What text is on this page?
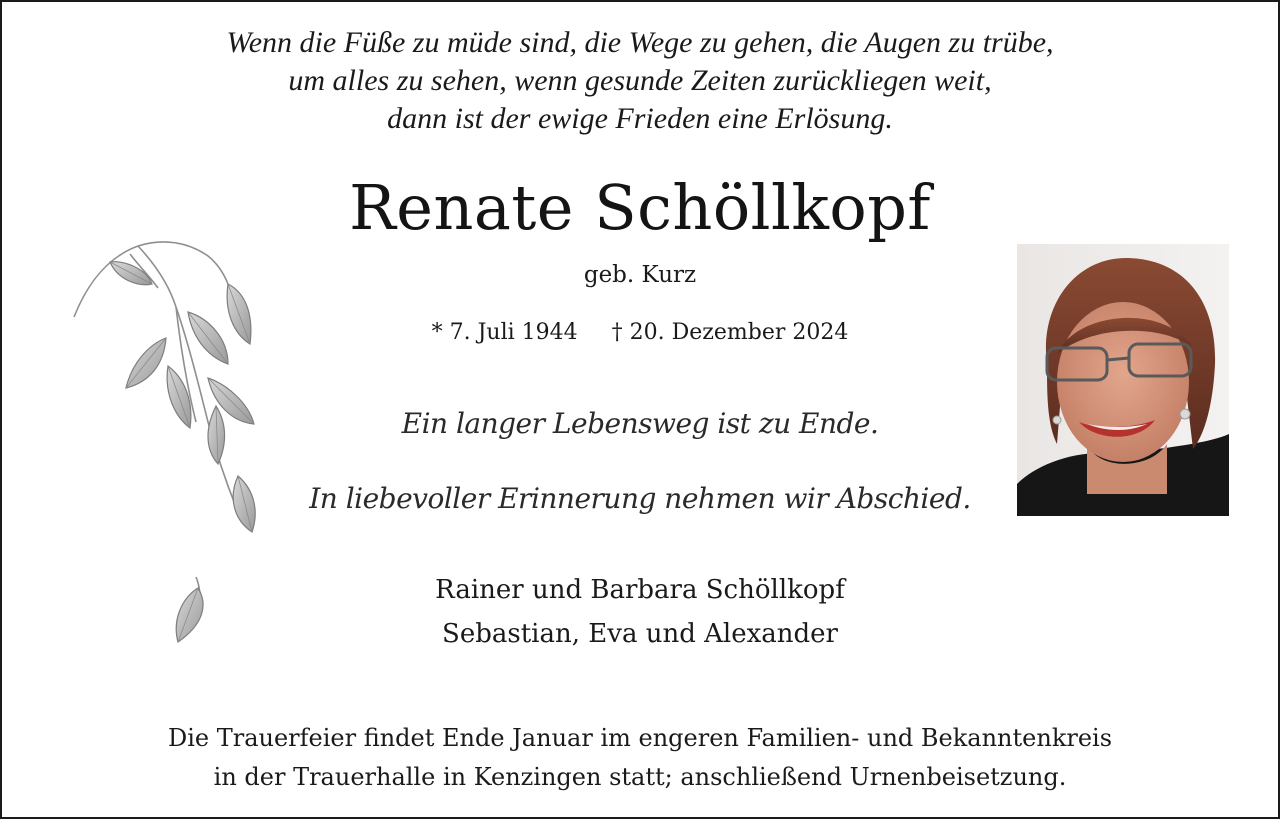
Wenn die Füße zu müde sind, die Wege zu gehen, die Augen zu trübe,
um alles zu sehen, wenn gesunde Zeiten zurückliegen weit,
dann ist der ewige Frieden eine Erlösung.
Renate Schöllkopf
geb. Kurz
* 7. Juli 1944 † 20. Dezember 2024
Ein langer Lebensweg ist zu Ende.
In liebevoller Erinnerung nehmen wir Abschied.
Rainer und Barbara Schöllkopf
Sebastian, Eva und Alexander
Die Trauerfeier findet Ende Januar im engeren Familien- und Bekanntenkreis
in der Trauerhalle in Kenzingen statt; anschließend Urnenbeisetzung.
